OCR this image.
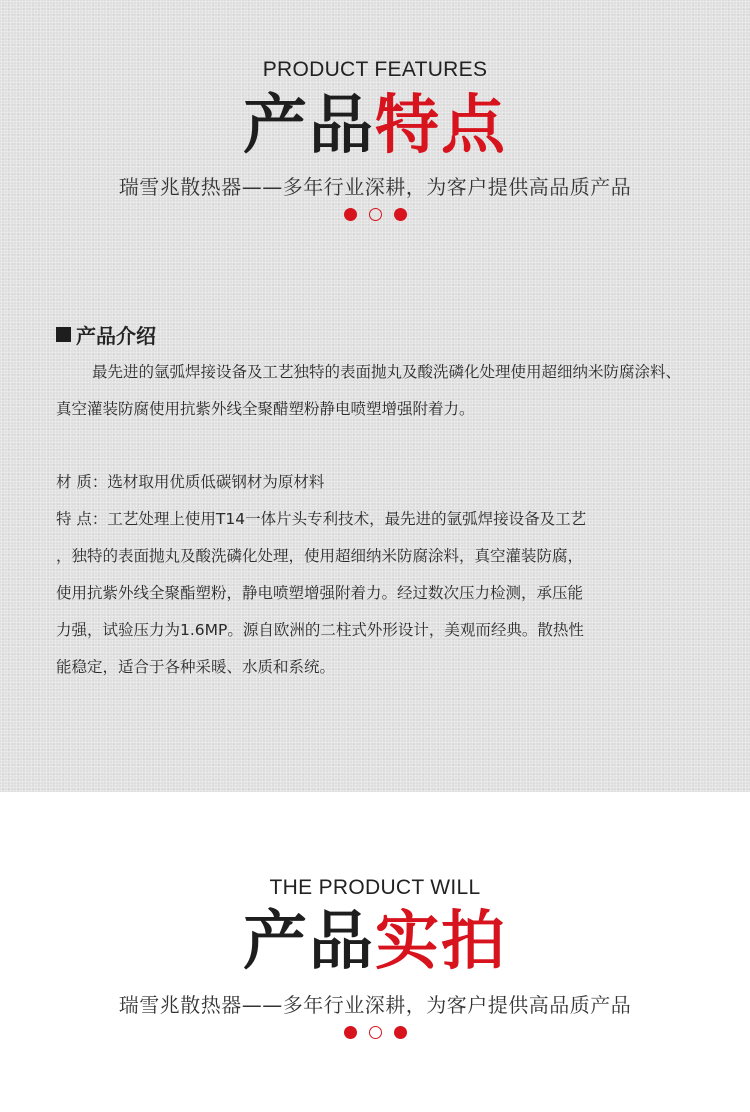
PRODUCT FEATURES
产品特点
瑞雪兆散热器——多年行业深耕，为客户提供高品质产品
产品介绍
最先进的氩弧焊接设备及工艺独特的表面抛丸及酸洗磷化处理使用超细纳米防腐涂料、真空灌装防腐使用抗紫外线全聚醋塑粉静电喷塑增强附着力。
材 质：选材取用优质低碳钢材为原材料
特 点：工艺处理上使用T14一体片头专利技术，最先进的氩弧焊接设备及工艺
，独特的表面抛丸及酸洗磷化处理，使用超细纳米防腐涂料，真空灌装防腐，
使用抗紫外线全聚酯塑粉，静电喷塑增强附着力。经过数次压力检测，承压能
力强，试验压力为1.6MP。源自欧洲的二柱式外形设计，美观而经典。散热性
能稳定，适合于各种采暖、水质和系统。
THE PRODUCT WILL
产品实拍
瑞雪兆散热器——多年行业深耕，为客户提供高品质产品
